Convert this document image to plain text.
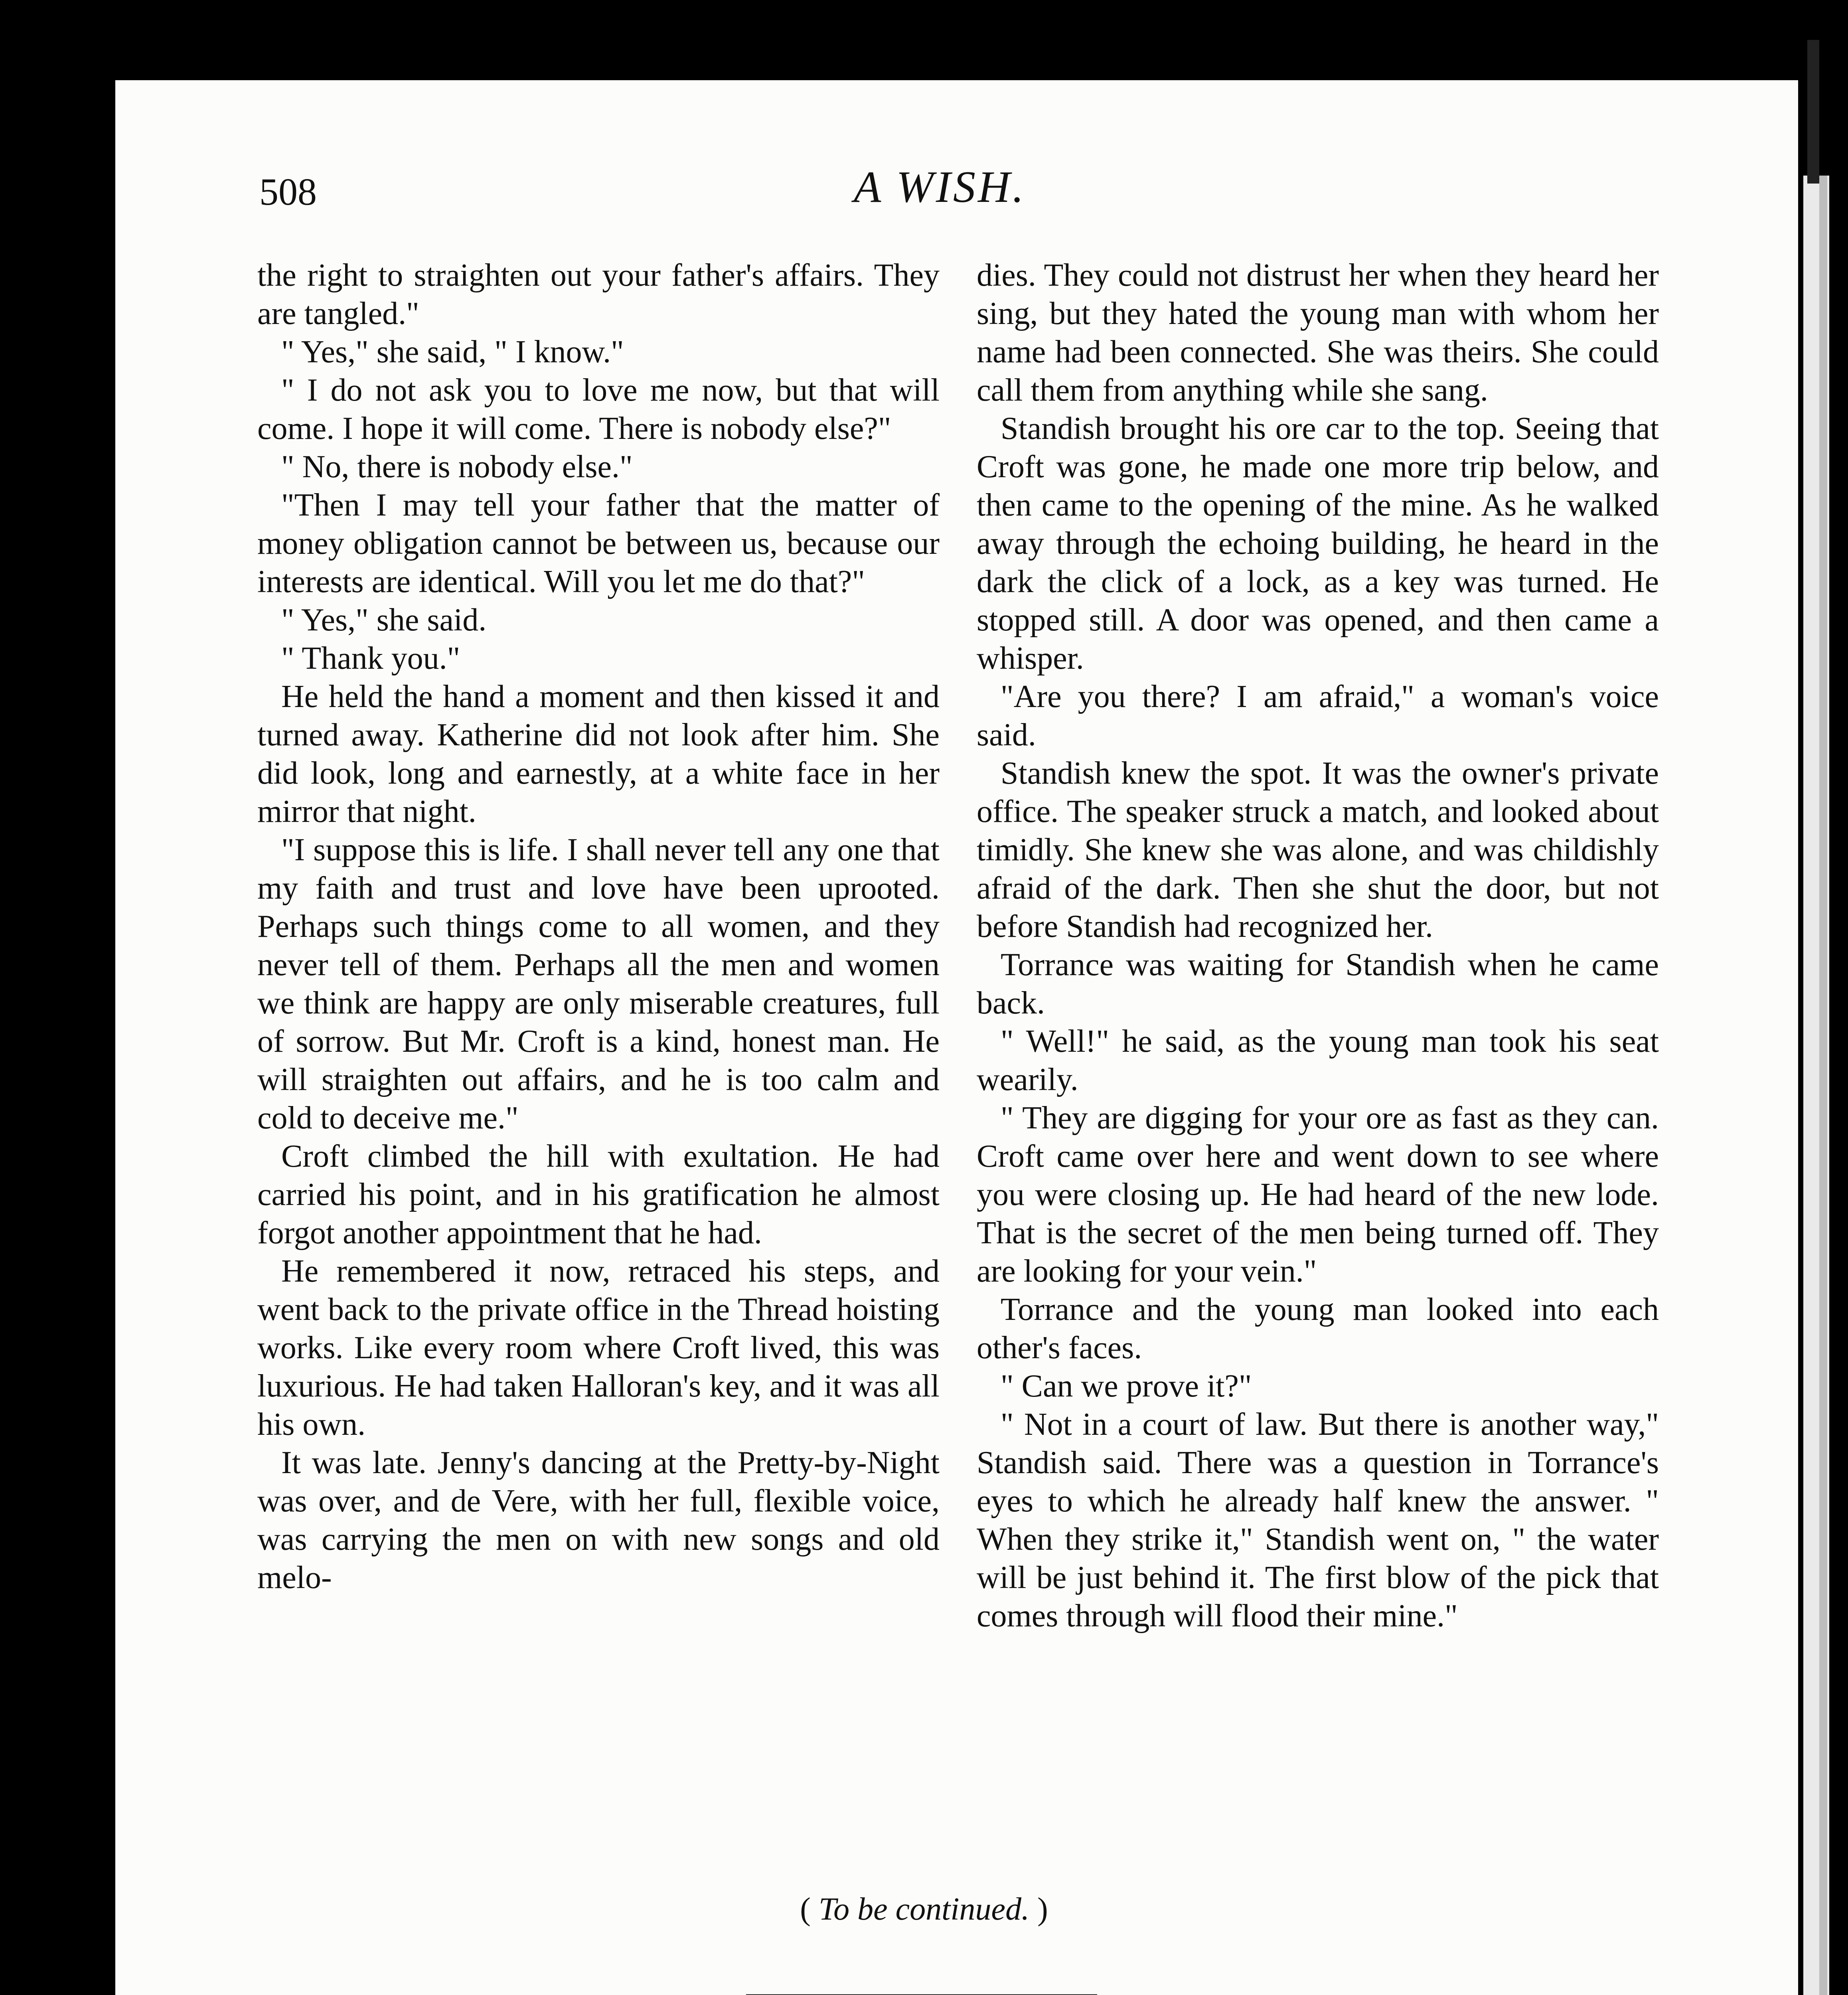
508	A WISH.

the right to straighten out your father's affairs. They are tangled."

" Yes," she said, " I know."

" I do not ask you to love me now, but that will come. I hope it will come. There is nobody else?"

" No, there is nobody else."

"Then I may tell your father that the matter of money obligation cannot be between us, because our interests are identical. Will you let me do that?"

" Yes," she said.

" Thank you."

He held the hand a moment and then kissed it and turned away. Katherine did not look after him. She did look, long and earnestly, at a white face in her mirror that night.

"I suppose this is life. I shall never tell any one that my faith and trust and love have been uprooted. Perhaps such things come to all women, and they never tell of them. Perhaps all the men and women we think are happy are only miserable creatures, full of sorrow. But Mr. Croft is a kind, honest man. He will straighten out affairs, and he is too calm and cold to deceive me."

Croft climbed the hill with exultation. He had carried his point, and in his gratification he almost forgot another appointment that he had.

He remembered it now, retraced his steps, and went back to the private office in the Thread hoisting works. Like every room where Croft lived, this was luxurious. He had taken Halloran's key, and it was all his own.

It was late. Jenny's dancing at the Pretty-by-Night was over, and de Vere, with her full, flexible voice, was carrying the men on with new songs and old melo-

dies. They could not distrust her when they heard her sing, but they hated the young man with whom her name had been connected. She was theirs. She could call them from anything while she sang.

Standish brought his ore car to the top. Seeing that Croft was gone, he made one more trip below, and then came to the opening of the mine. As he walked away through the echoing building, he heard in the dark the click of a lock, as a key was turned. He stopped still. A door was opened, and then came a whisper.

"Are you there? I am afraid," a woman's voice said.

Standish knew the spot. It was the owner's private office. The speaker struck a match, and looked about timidly. She knew she was alone, and was childishly afraid of the dark. Then she shut the door, but not before Standish had recognized her.

Torrance was waiting for Standish when he came back.

" Well!" he said, as the young man took his seat wearily.

" They are digging for your ore as fast as they can. Croft came over here and went down to see where you were closing up. He had heard of the new lode. That is the secret of the men being turned off. They are looking for your vein."

Torrance and the young man looked into each other's faces.

" Can we prove it?"

" Not in a court of law. But there is another way," Standish said. There was a question in Torrance's eyes to which he already half knew the answer. " When they strike it," Standish went on, " the water will be just behind it. The first blow of the pick that comes through will flood their mine."

( To be continued. )
